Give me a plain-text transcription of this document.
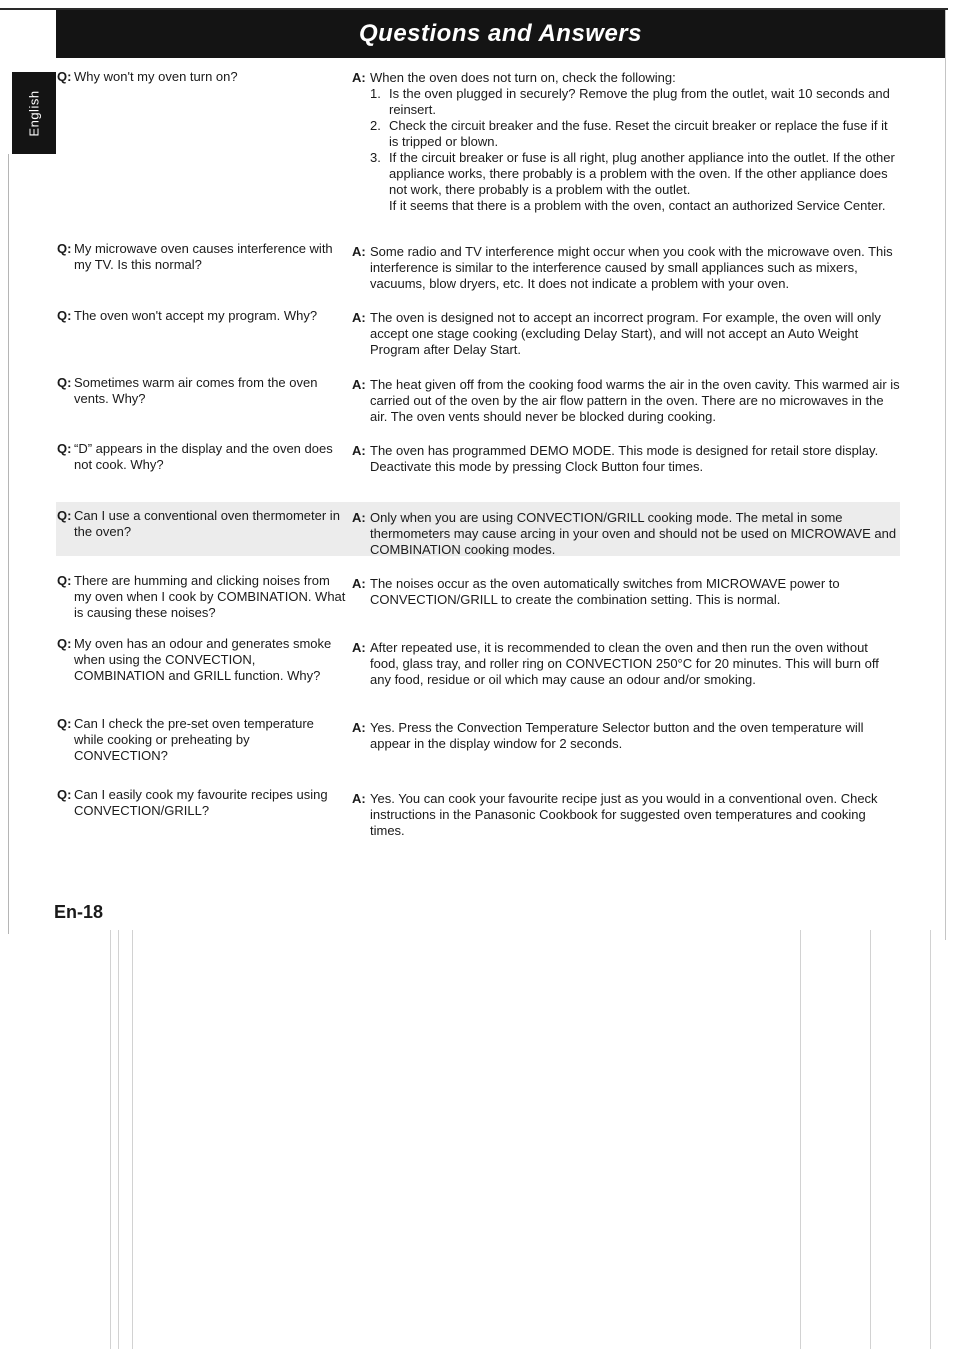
Questions and Answers
English
Q: Why won't my oven turn on?	A: When the oven does not turn on, check the following:
1. Is the oven plugged in securely? Remove the plug from the outlet, wait 10 seconds and reinsert.
2. Check the circuit breaker and the fuse. Reset the circuit breaker or replace the fuse if it is tripped or blown.
3. If the circuit breaker or fuse is all right, plug another appliance into the outlet. If the other appliance works, there probably is a problem with the oven. If the other appliance does not work, there probably is a problem with the outlet.
If it seems that there is a problem with the oven, contact an authorized Service Center.
Q: My microwave oven causes interference with my TV. Is this normal?
A: Some radio and TV interference might occur when you cook with the microwave oven. This interference is similar to the interference caused by small appliances such as mixers, vacuums, blow dryers, etc. It does not indicate a problem with your oven.
Q: The oven won't accept my program. Why?	A: The oven is designed not to accept an incorrect program. For example, the oven will only accept one stage cooking (excluding Delay Start), and will not accept an Auto Weight Program after Delay Start.
Q: Sometimes warm air comes from the oven vents. Why?
A: The heat given off from the cooking food warms the air in the oven cavity. This warmed air is carried out of the oven by the air flow pattern in the oven. There are no microwaves in the air. The oven vents should never be blocked during cooking.
Q: “D” appears in the display and the oven does not cook. Why?
A: The oven has programmed DEMO MODE. This mode is designed for retail store display.
Deactivate this mode by pressing Clock Button four times.
Q: Can I use a conventional oven thermometer in the oven?
A: Only when you are using CONVECTION/GRILL cooking mode. The metal in some thermometers may cause arcing in your oven and should not be used on MICROWAVE and COMBINATION cooking modes.
Q: There are humming and clicking noises from my oven when I cook by COMBINATION. What is causing these noises?
A: The noises occur as the oven automatically switches from MICROWAVE power to CONVECTION/GRILL to create the combination setting. This is normal.
Q: My oven has an odour and generates smoke when using the CONVECTION, COMBINATION and GRILL function. Why?
A: After repeated use, it is recommended to clean the oven and then run the oven without food, glass tray, and roller ring on CONVECTION 250°C for 20 minutes. This will burn off any food, residue or oil which may cause an odour and/or smoking.
Q: Can I check the pre-set oven temperature while cooking or preheating by CONVECTION?
A: Yes. Press the Convection Temperature Selector button and the oven temperature will appear in the display window for 2 seconds.
Q: Can I easily cook my favourite recipes using CONVECTION/GRILL?
A: Yes. You can cook your favourite recipe just as you would in a conventional oven. Check instructions in the Panasonic Cookbook for suggested oven temperatures and cooking times.
En-18
